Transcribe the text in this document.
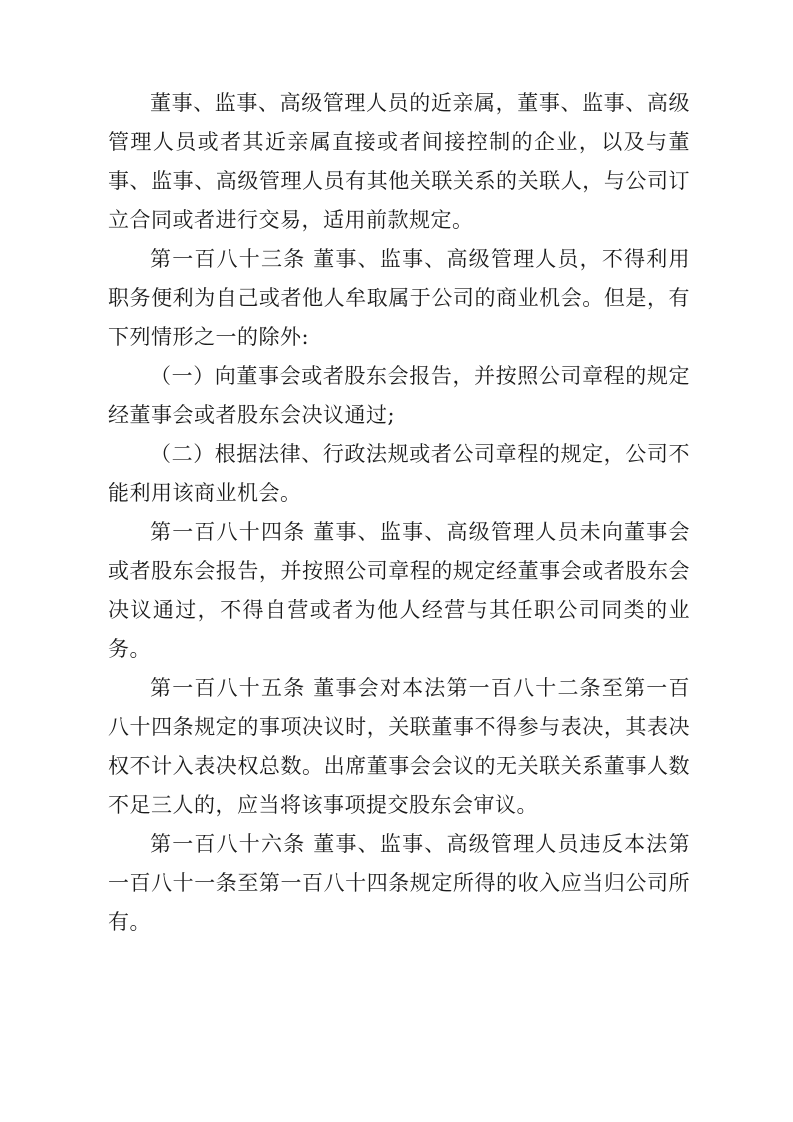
董事、监事、高级管理人员的近亲属，董事、监事、高级管理人员或者其近亲属直接或者间接控制的企业，以及与董事、监事、高级管理人员有其他关联关系的关联人，与公司订立合同或者进行交易，适用前款规定。

第一百八十三条 董事、监事、高级管理人员，不得利用职务便利为自己或者他人牟取属于公司的商业机会。但是，有下列情形之一的除外:

（一）向董事会或者股东会报告，并按照公司章程的规定经董事会或者股东会决议通过;

（二）根据法律、行政法规或者公司章程的规定，公司不能利用该商业机会。

第一百八十四条 董事、监事、高级管理人员未向董事会或者股东会报告，并按照公司章程的规定经董事会或者股东会决议通过，不得自营或者为他人经营与其任职公司同类的业务。

第一百八十五条 董事会对本法第一百八十二条至第一百八十四条规定的事项决议时，关联董事不得参与表决，其表决权不计入表决权总数。出席董事会会议的无关联关系董事人数不足三人的，应当将该事项提交股东会审议。

第一百八十六条 董事、监事、高级管理人员违反本法第一百八十一条至第一百八十四条规定所得的收入应当归公司所有。
